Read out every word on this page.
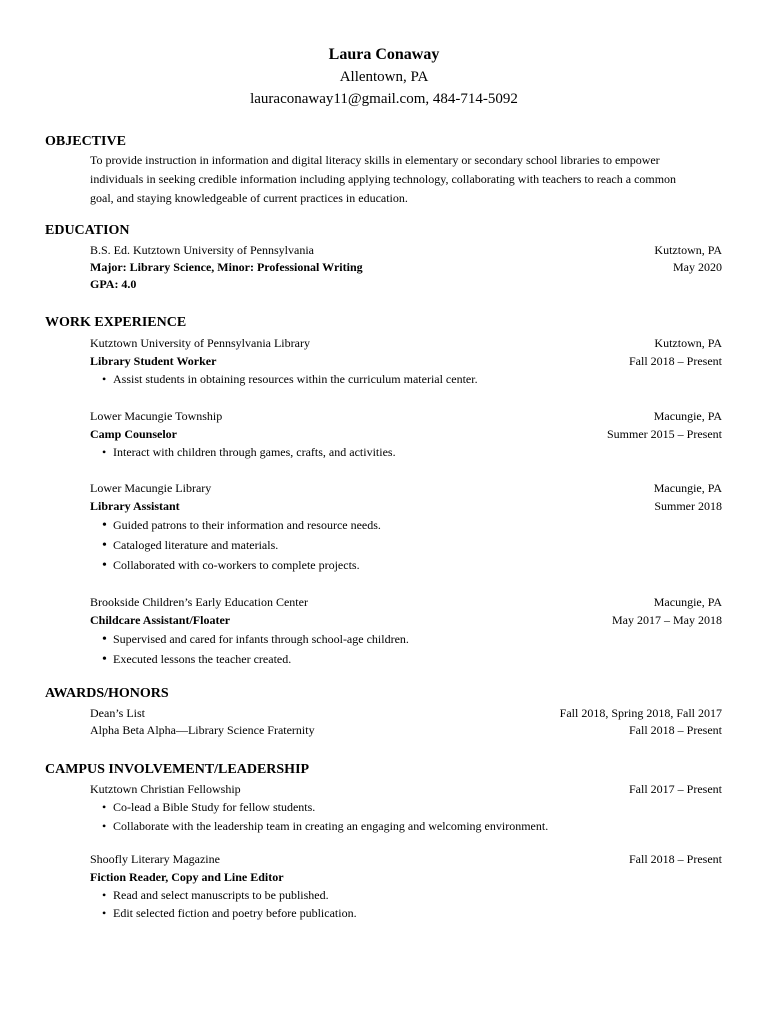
Laura Conaway
Allentown, PA
lauraconaway11@gmail.com, 484-714-5092
OBJECTIVE
To provide instruction in information and digital literacy skills in elementary or secondary school libraries to empower
individuals in seeking credible information including applying technology, collaborating with teachers to reach a common
goal, and staying knowledgeable of current practices in education.
EDUCATION
B.S. Ed. Kutztown University of Pennsylvania	Kutztown, PA
Major: Library Science, Minor: Professional Writing	May 2020
GPA: 4.0
WORK EXPERIENCE
Kutztown University of Pennsylvania Library	Kutztown, PA
Library Student Worker	Fall 2018 – Present
•
Assist students in obtaining resources within the curriculum material center.
Lower Macungie Township	Macungie, PA
Camp Counselor	Summer 2015 – Present
•
Interact with children through games, crafts, and activities.
Lower Macungie Library	Macungie, PA
Library Assistant	Summer 2018
•
Guided patrons to their information and resource needs.
•
Cataloged literature and materials.
•
Collaborated with co-workers to complete projects.
Brookside Children’s Early Education Center	Macungie, PA
Childcare Assistant/Floater	May 2017 – May 2018
•
Supervised and cared for infants through school-age children.
•
Executed lessons the teacher created.
AWARDS/HONORS
Dean’s List	Fall 2018, Spring 2018, Fall 2017
Alpha Beta Alpha—Library Science Fraternity	Fall 2018 – Present
CAMPUS INVOLVEMENT/LEADERSHIP
Kutztown Christian Fellowship	Fall 2017 – Present
•
Co-lead a Bible Study for fellow students.
•
Collaborate with the leadership team in creating an engaging and welcoming environment.
Shoofly Literary Magazine	Fall 2018 – Present
Fiction Reader, Copy and Line Editor
•
Read and select manuscripts to be published.
•
Edit selected fiction and poetry before publication.
